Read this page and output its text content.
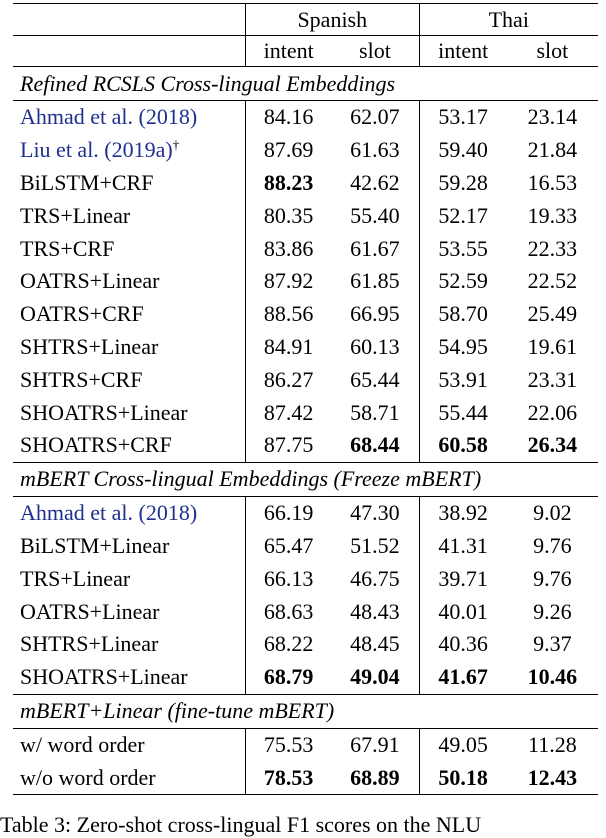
	Spanish		Thai	
	intent	slot	intent	slot
Refined RCSLS Cross-lingual Embeddings				
Ahmad et al. (2018)	84.16	62.07	53.17	23.14
Liu et al. (2019a)†	87.69	61.63	59.40	21.84
BiLSTM+CRF	88.23	42.62	59.28	16.53
TRS+Linear	80.35	55.40	52.17	19.33
TRS+CRF	83.86	61.67	53.55	22.33
OATRS+Linear	87.92	61.85	52.59	22.52
OATRS+CRF	88.56	66.95	58.70	25.49
SHTRS+Linear	84.91	60.13	54.95	19.61
SHTRS+CRF	86.27	65.44	53.91	23.31
SHOATRS+Linear	87.42	58.71	55.44	22.06
SHOATRS+CRF	87.75	68.44	60.58	26.34
mBERT Cross-lingual Embeddings (Freeze mBERT)				
Ahmad et al. (2018)	66.19	47.30	38.92	9.02
BiLSTM+Linear	65.47	51.52	41.31	9.76
TRS+Linear	66.13	46.75	39.71	9.76
OATRS+Linear	68.63	48.43	40.01	9.26
SHTRS+Linear	68.22	48.45	40.36	9.37
SHOATRS+Linear	68.79	49.04	41.67	10.46
mBERT+Linear (fine-tune mBERT)				
w/ word order	75.53	67.91	49.05	11.28
w/o word order	78.53	68.89	50.18	12.43
Table 3: Zero-shot cross-lingual F1 scores on the NLU
